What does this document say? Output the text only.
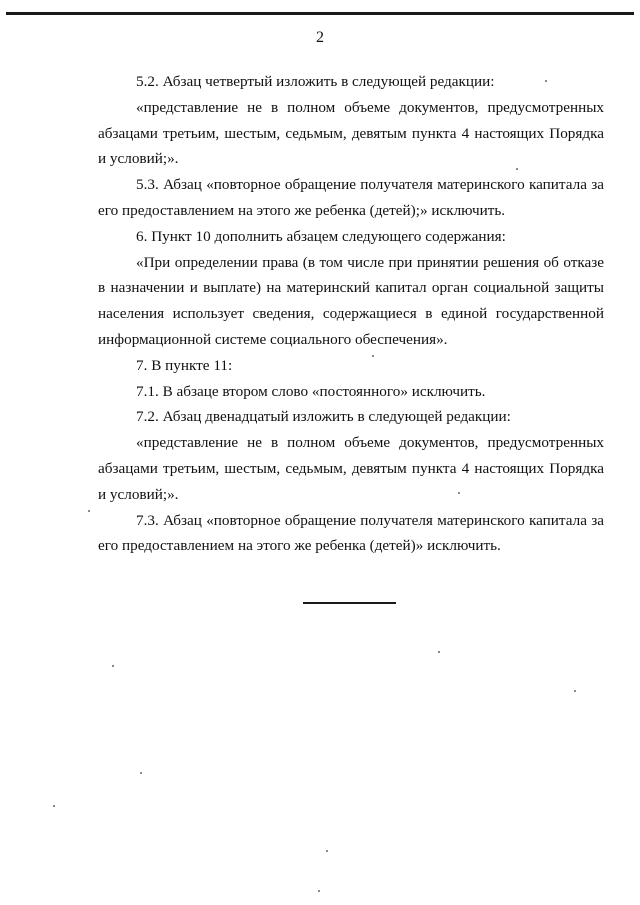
2

5.2. Абзац четвертый изложить в следующей редакции:

«представление не в полном объеме документов, предусмотренных абзацами третьим, шестым, седьмым, девятым пункта 4 настоящих Порядка и условий;».

5.3. Абзац «повторное обращение получателя материнского капитала за его предоставлением на этого же ребенка (детей);» исключить.

6. Пункт 10 дополнить абзацем следующего содержания:

«При определении права (в том числе при принятии решения об отказе в назначении и выплате) на материнский капитал орган социальной защиты населения использует сведения, содержащиеся в единой государственной информационной системе социального обеспечения».

7. В пункте 11:

7.1. В абзаце втором слово «постоянного» исключить.

7.2. Абзац двенадцатый изложить в следующей редакции:

«представление не в полном объеме документов, предусмотренных абзацами третьим, шестым, седьмым, девятым пункта 4 настоящих Порядка и условий;».

7.3. Абзац «повторное обращение получателя материнского капитала за его предоставлением на этого же ребенка (детей)» исключить.
